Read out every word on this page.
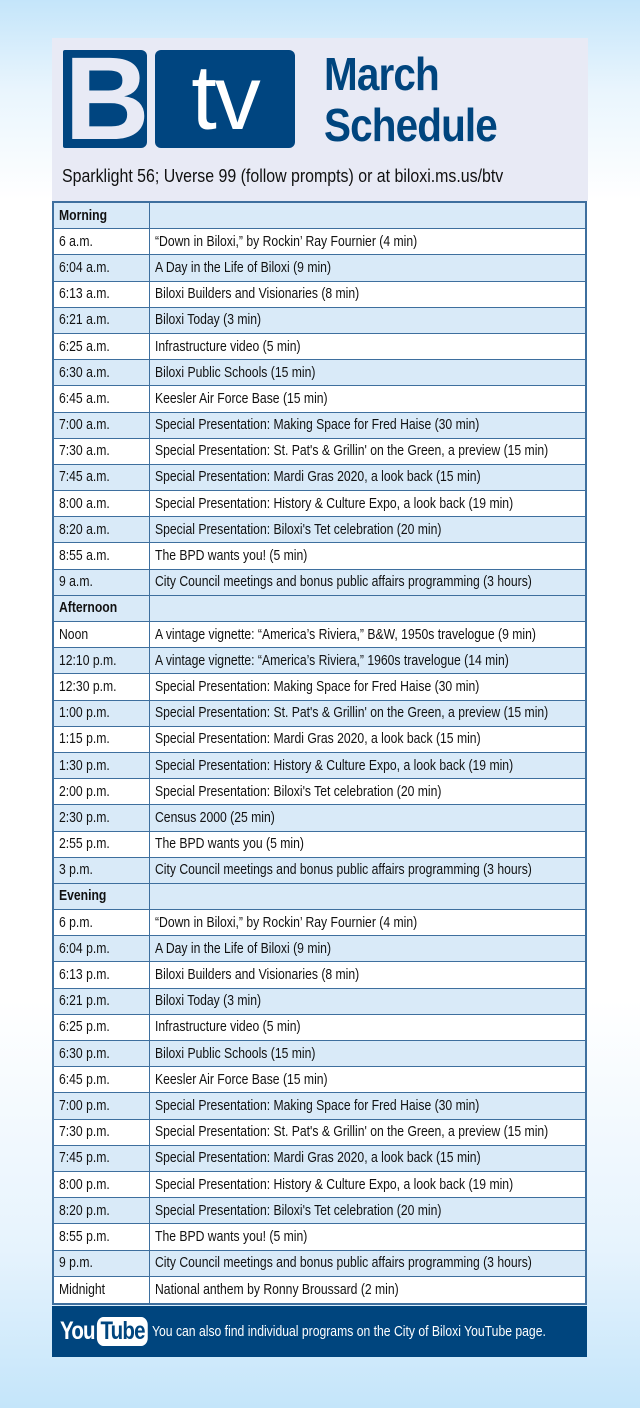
B tv	March
Schedule
Sparklight 56; Uverse 99 (follow prompts) or at biloxi.ms.us/btv
Morning
6 a.m.	“Down in Biloxi,” by Rockin’ Ray Fournier (4 min)
6:04 a.m.	A Day in the Life of Biloxi (9 min)
6:13 a.m.	Biloxi Builders and Visionaries (8 min)
6:21 a.m.	Biloxi Today (3 min)
6:25 a.m.	Infrastructure video (5 min)
6:30 a.m.	Biloxi Public Schools (15 min)
6:45 a.m.	Keesler Air Force Base (15 min)
7:00 a.m.	Special Presentation: Making Space for Fred Haise (30 min)
7:30 a.m.	Special Presentation: St. Pat's & Grillin' on the Green, a preview (15 min)
7:45 a.m.	Special Presentation: Mardi Gras 2020, a look back (15 min)
8:00 a.m.	Special Presentation: History & Culture Expo, a look back (19 min)
8:20 a.m.	Special Presentation: Biloxi's Tet celebration (20 min)
8:55 a.m.	The BPD wants you! (5 min)
9 a.m.	City Council meetings and bonus public affairs programming (3 hours)
Afternoon
Noon	A vintage vignette: “America’s Riviera,” B&W, 1950s travelogue (9 min)
12:10 p.m.	A vintage vignette: “America’s Riviera,” 1960s travelogue (14 min)
12:30 p.m.	Special Presentation: Making Space for Fred Haise (30 min)
1:00 p.m.	Special Presentation: St. Pat's & Grillin' on the Green, a preview (15 min)
1:15 p.m.	Special Presentation: Mardi Gras 2020, a look back (15 min)
1:30 p.m.	Special Presentation: History & Culture Expo, a look back (19 min)
2:00 p.m.	Special Presentation: Biloxi's Tet celebration (20 min)
2:30 p.m.	Census 2000 (25 min)
2:55 p.m.	The BPD wants you (5 min)
3 p.m.	City Council meetings and bonus public affairs programming (3 hours)
Evening
6 p.m.	“Down in Biloxi,” by Rockin’ Ray Fournier (4 min)
6:04 p.m.	A Day in the Life of Biloxi (9 min)
6:13 p.m.	Biloxi Builders and Visionaries (8 min)
6:21 p.m.	Biloxi Today (3 min)
6:25 p.m.	Infrastructure video (5 min)
6:30 p.m.	Biloxi Public Schools (15 min)
6:45 p.m.	Keesler Air Force Base (15 min)
7:00 p.m.	Special Presentation: Making Space for Fred Haise (30 min)
7:30 p.m.	Special Presentation: St. Pat's & Grillin' on the Green, a preview (15 min)
7:45 p.m.	Special Presentation: Mardi Gras 2020, a look back (15 min)
8:00 p.m.	Special Presentation: History & Culture Expo, a look back (19 min)
8:20 p.m.	Special Presentation: Biloxi's Tet celebration (20 min)
8:55 p.m.	The BPD wants you! (5 min)
9 p.m.	City Council meetings and bonus public affairs programming (3 hours)
Midnight	National anthem by Ronny Broussard (2 min)
You Tube You can also find individual programs on the City of Biloxi YouTube page.
